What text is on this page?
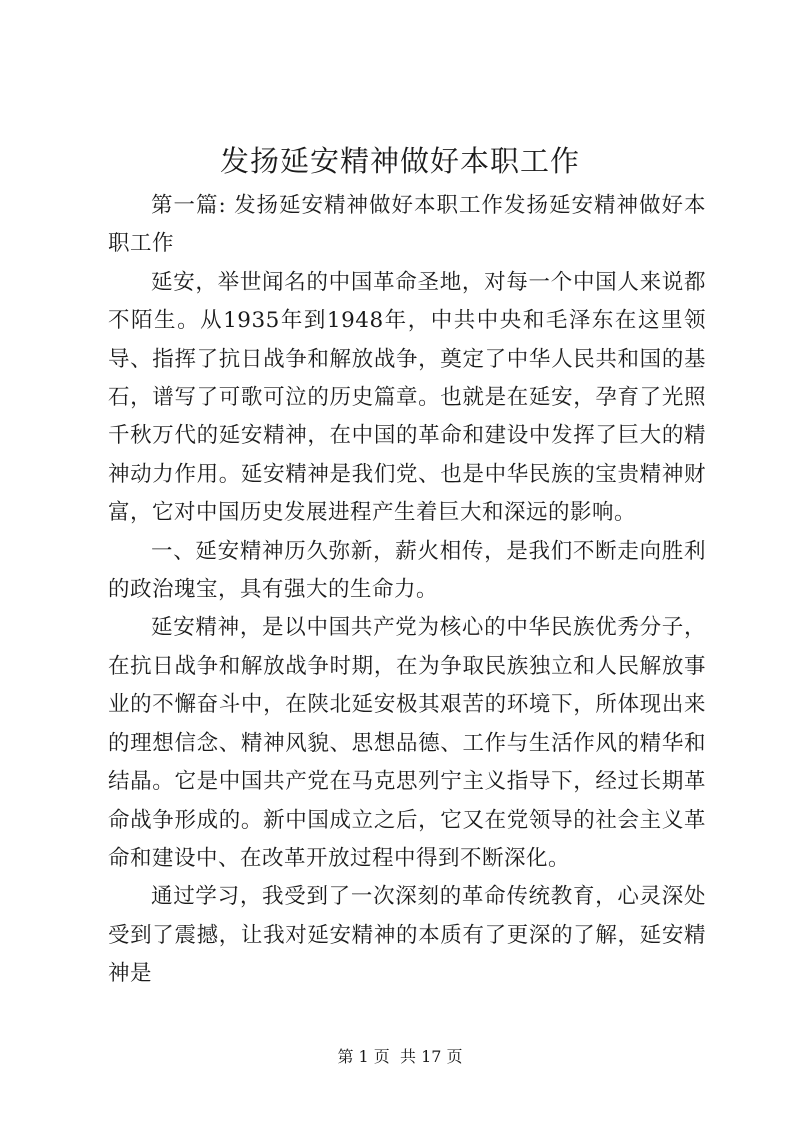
发扬延安精神做好本职工作

第一篇: 发扬延安精神做好本职工作发扬延安精神做好本职工作

延安，举世闻名的中国革命圣地，对每一个中国人来说都不陌生。从1935年到1948年，中共中央和毛泽东在这里领导、指挥了抗日战争和解放战争，奠定了中华人民共和国的基石，谱写了可歌可泣的历史篇章。也就是在延安，孕育了光照千秋万代的延安精神，在中国的革命和建设中发挥了巨大的精神动力作用。延安精神是我们党、也是中华民族的宝贵精神财富，它对中国历史发展进程产生着巨大和深远的影响。

一、延安精神历久弥新，薪火相传，是我们不断走向胜利的政治瑰宝，具有强大的生命力。

延安精神，是以中国共产党为核心的中华民族优秀分子，在抗日战争和解放战争时期，在为争取民族独立和人民解放事业的不懈奋斗中，在陕北延安极其艰苦的环境下，所体现出来的理想信念、精神风貌、思想品德、工作与生活作风的精华和结晶。它是中国共产党在马克思列宁主义指导下，经过长期革命战争形成的。新中国成立之后，它又在党领导的社会主义革命和建设中、在改革开放过程中得到不断深化。

通过学习，我受到了一次深刻的革命传统教育，心灵深处受到了震撼，让我对延安精神的本质有了更深的了解，延安精神是

第 1 页 共 17 页
